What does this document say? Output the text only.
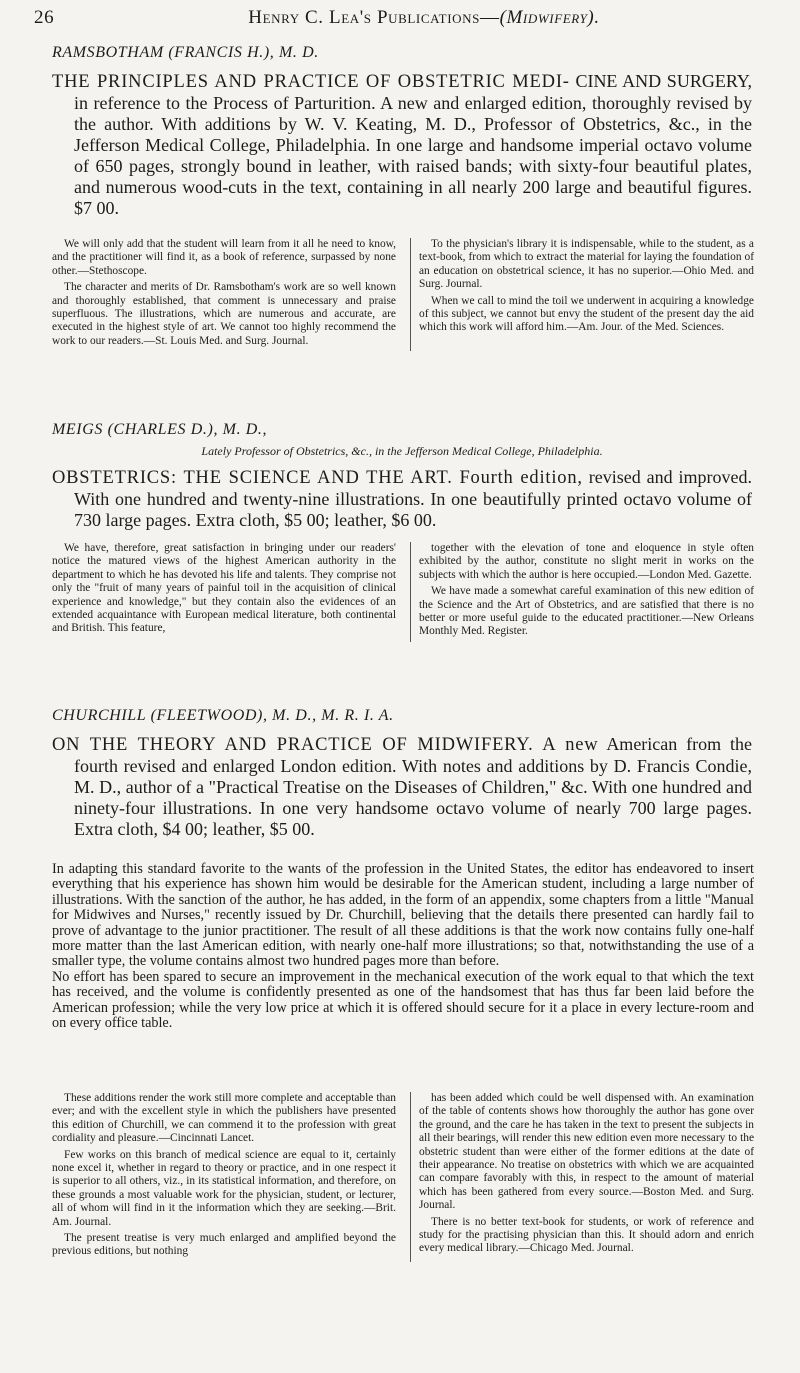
26	Henry C. Lea's Publications—(Midwifery).
RAMSBOTHAM (FRANCIS H.), M. D.
THE PRINCIPLES AND PRACTICE OF OBSTETRIC MEDI- CINE AND SURGERY, in reference to the Process of Parturition. A new and enlarged edition, thoroughly revised by the author. With additions by W. V. Keating, M. D., Professor of Obstetrics, &c., in the Jefferson Medical College, Philadelphia. In one large and handsome imperial octavo volume of 650 pages, strongly bound in leather, with raised bands; with sixty-four beautiful plates, and numerous wood-cuts in the text, containing in all nearly 200 large and beautiful figures. $7 00.

We will only add that the student will learn from it all he need to know, and the practitioner will find it, as a book of reference, surpassed by none other.—Stethoscope.

The character and merits of Dr. Ramsbotham's work are so well known and thoroughly established, that comment is unnecessary and praise superfluous. The illustrations, which are numerous and accurate, are executed in the highest style of art. We cannot too highly recommend the work to our readers.—St. Louis Med. and Surg. Journal.

To the physician's library it is indispensable, while to the student, as a text-book, from which to extract the material for laying the foundation of an education on obstetrical science, it has no superior.—Ohio Med. and Surg. Journal.

When we call to mind the toil we underwent in acquiring a knowledge of this subject, we cannot but envy the student of the present day the aid which this work will afford him.—Am. Jour. of the Med. Sciences.

MEIGS (CHARLES D.), M. D.,
Lately Professor of Obstetrics, &c., in the Jefferson Medical College, Philadelphia.
OBSTETRICS: THE SCIENCE AND THE ART. Fourth edition, revised and improved. With one hundred and twenty-nine illustrations. In one beautifully printed octavo volume of 730 large pages. Extra cloth, $5 00; leather, $6 00.

We have, therefore, great satisfaction in bringing under our readers' notice the matured views of the highest American authority in the department to which he has devoted his life and talents. They comprise not only the "fruit of many years of painful toil in the acquisition of clinical experience and knowledge," but they contain also the evidences of an extended acquaintance with European medical literature, both continental and British. This feature,

together with the elevation of tone and eloquence in style often exhibited by the author, constitute no slight merit in works on the subjects with which the author is here occupied.—London Med. Gazette.

We have made a somewhat careful examination of this new edition of the Science and the Art of Obstetrics, and are satisfied that there is no better or more useful guide to the educated practitioner.—New Orleans Monthly Med. Register.

CHURCHILL (FLEETWOOD), M. D., M. R. I. A.
ON THE THEORY AND PRACTICE OF MIDWIFERY. A new American from the fourth revised and enlarged London edition. With notes and additions by D. Francis Condie, M. D., author of a "Practical Treatise on the Diseases of Children," &c. With one hundred and ninety-four illustrations. In one very handsome octavo volume of nearly 700 large pages. Extra cloth, $4 00; leather, $5 00.

In adapting this standard favorite to the wants of the profession in the United States, the editor has endeavored to insert everything that his experience has shown him would be desirable for the American student, including a large number of illustrations. With the sanction of the author, he has added, in the form of an appendix, some chapters from a little "Manual for Midwives and Nurses," recently issued by Dr. Churchill, believing that the details there presented can hardly fail to prove of advantage to the junior practitioner. The result of all these additions is that the work now contains fully one-half more matter than the last American edition, with nearly one-half more illustrations; so that, notwithstanding the use of a smaller type, the volume contains almost two hundred pages more than before.

No effort has been spared to secure an improvement in the mechanical execution of the work equal to that which the text has received, and the volume is confidently presented as one of the handsomest that has thus far been laid before the American profession; while the very low price at which it is offered should secure for it a place in every lecture-room and on every office table.

These additions render the work still more complete and acceptable than ever; and with the excellent style in which the publishers have presented this edition of Churchill, we can commend it to the profession with great cordiality and pleasure.—Cincinnati Lancet.

Few works on this branch of medical science are equal to it, certainly none excel it, whether in regard to theory or practice, and in one respect it is superior to all others, viz., in its statistical information, and therefore, on these grounds a most valuable work for the physician, student, or lecturer, all of whom will find in it the information which they are seeking.—Brit. Am. Journal.

The present treatise is very much enlarged and amplified beyond the previous editions, but nothing

has been added which could be well dispensed with. An examination of the table of contents shows how thoroughly the author has gone over the ground, and the care he has taken in the text to present the subjects in all their bearings, will render this new edition even more necessary to the obstetric student than were either of the former editions at the date of their appearance. No treatise on obstetrics with which we are acquainted can compare favorably with this, in respect to the amount of material which has been gathered from every source.—Boston Med. and Surg. Journal.

There is no better text-book for students, or work of reference and study for the practising physician than this. It should adorn and enrich every medical library.—Chicago Med. Journal.
